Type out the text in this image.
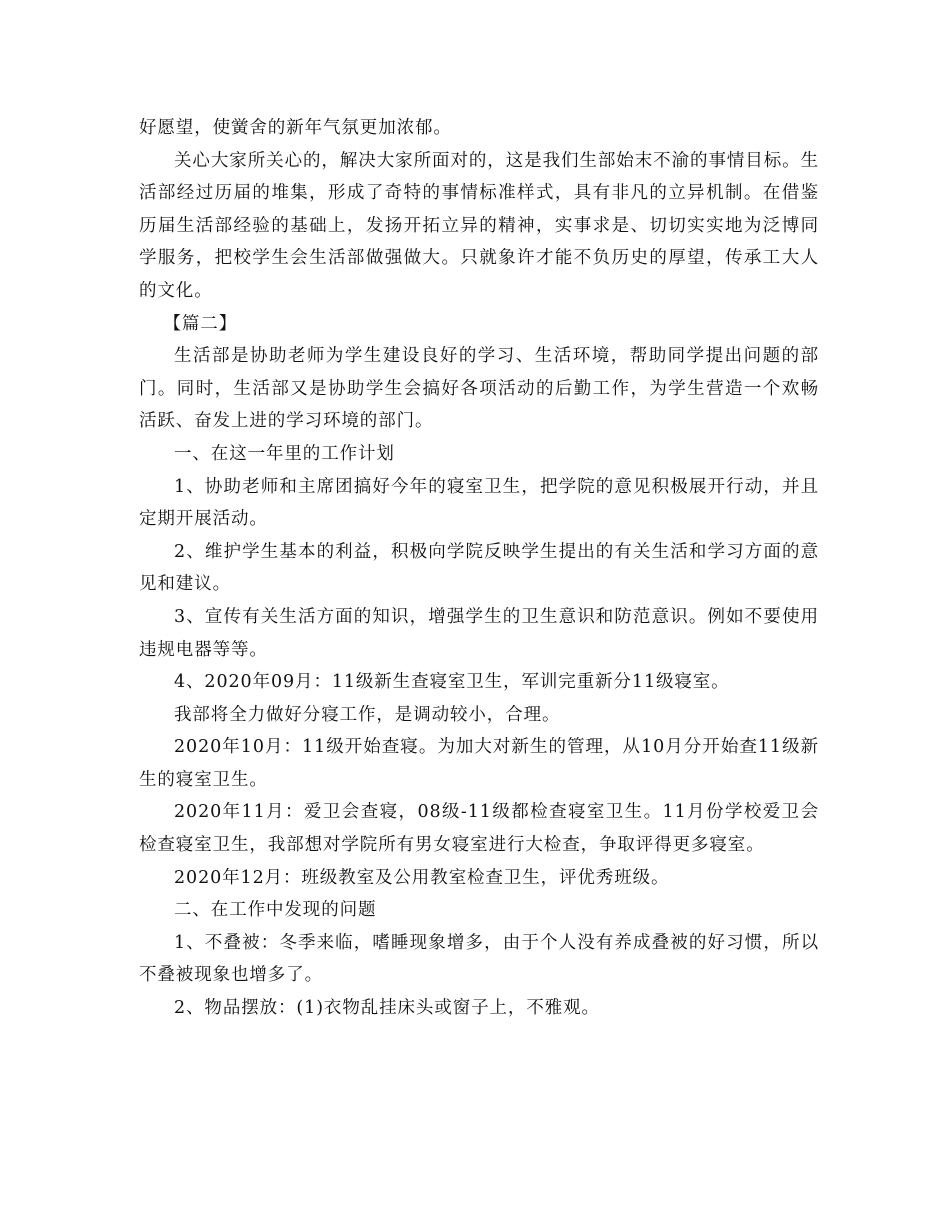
好愿望，使黉舍的新年气氛更加浓郁。

关心大家所关心的，解决大家所面对的，这是我们生部始末不渝的事情目标。生活部经过历届的堆集，形成了奇特的事情标准样式，具有非凡的立异机制。在借鉴历届生活部经验的基础上，发扬开拓立异的精神，实事求是、切切实实地为泛博同学服务，把校学生会生活部做强做大。只就象许才能不负历史的厚望，传承工大人的文化。

【篇二】

生活部是协助老师为学生建设良好的学习、生活环境，帮助同学提出问题的部门。同时，生活部又是协助学生会搞好各项活动的后勤工作，为学生营造一个欢畅活跃、奋发上进的学习环境的部门。

一、在这一年里的工作计划

1、协助老师和主席团搞好今年的寝室卫生，把学院的意见积极展开行动，并且定期开展活动。

2、维护学生基本的利益，积极向学院反映学生提出的有关生活和学习方面的意见和建议。

3、宣传有关生活方面的知识，增强学生的卫生意识和防范意识。例如不要使用违规电器等等。

4、2020年09月：11级新生查寝室卫生，军训完重新分11级寝室。

我部将全力做好分寝工作，是调动较小，合理。

2020年10月：11级开始查寝。为加大对新生的管理，从10月分开始查11级新生的寝室卫生。

2020年11月：爱卫会查寝，08级-11级都检查寝室卫生。11月份学校爱卫会检查寝室卫生，我部想对学院所有男女寝室进行大检查，争取评得更多寝室。

2020年12月：班级教室及公用教室检查卫生，评优秀班级。

二、在工作中发现的问题

1、不叠被：冬季来临，嗜睡现象增多，由于个人没有养成叠被的好习惯，所以不叠被现象也增多了。

2、物品摆放：(1)衣物乱挂床头或窗子上，不雅观。
